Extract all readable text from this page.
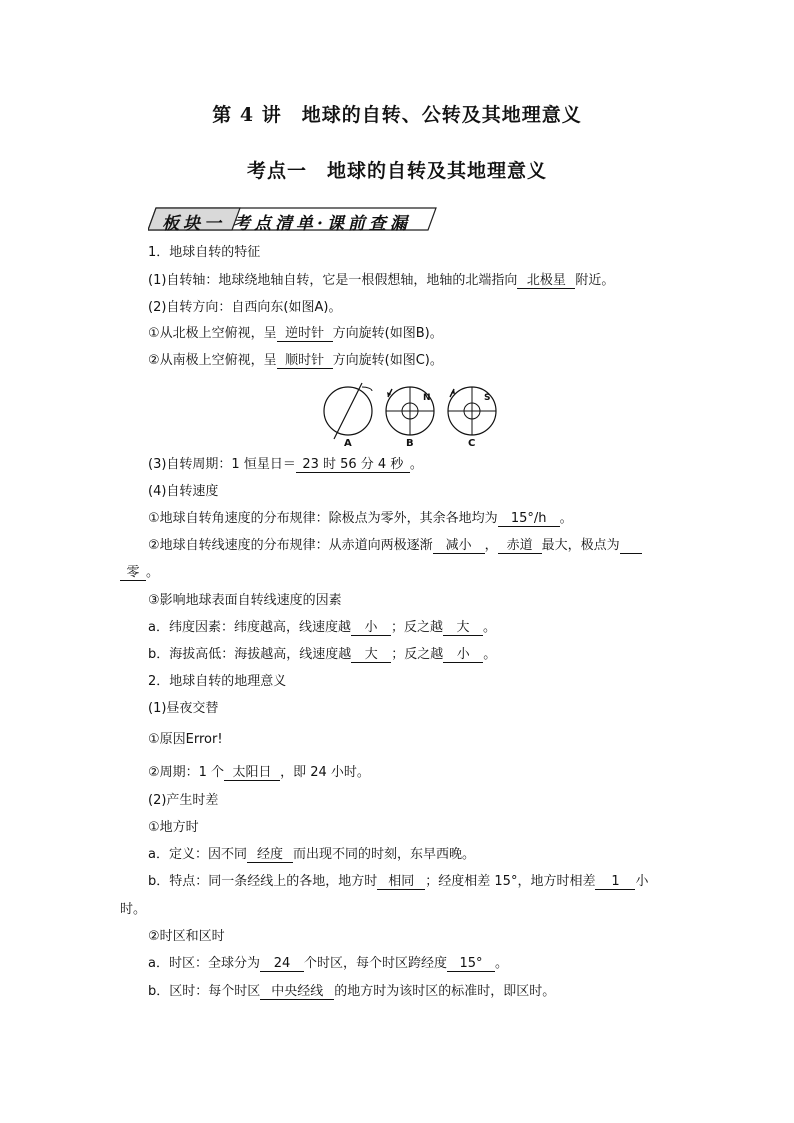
第 4 讲　地球的自转、公转及其地理意义
考点一　地球的自转及其地理意义
板块一 考点清单·课前查漏
1．地球自转的特征
(1)自转轴：地球绕地轴自转，它是一根假想轴，地轴的北端指向 北极星 附近。
(2)自转方向：自西向东(如图A)。
①从北极上空俯视，呈 逆时针 方向旋转(如图B)。
②从南极上空俯视，呈 顺时针 方向旋转(如图C)。
N	S
A	B	C
(3)自转周期：1 恒星日＝ 23 时 56 分 4 秒 。
(4)自转速度
①地球自转角速度的分布规律：除极点为零外，其余各地均为 15°/h 。
②地球自转线速度的分布规律：从赤道向两极逐渐 减小 ， 赤道 最大，极点为
零 。
③影响地球表面自转线速度的因素
a．纬度因素：纬度越高，线速度越 小 ；反之越 大 。
b．海拔高低：海拔越高，线速度越 大 ；反之越 小 。
2．地球自转的地理意义
(1)昼夜交替
①原因Error!
②周期：1 个 太阳日 ，即 24 小时。
(2)产生时差
①地方时
a．定义：因不同 经度 而出现不同的时刻，东早西晚。
b．特点：同一条经线上的各地，地方时 相同 ；经度相差 15°，地方时相差 1 小
时。
②时区和区时
a．时区：全球分为 24 个时区，每个时区跨经度 15° 。
b．区时：每个时区 中央经线 的地方时为该时区的标准时，即区时。
